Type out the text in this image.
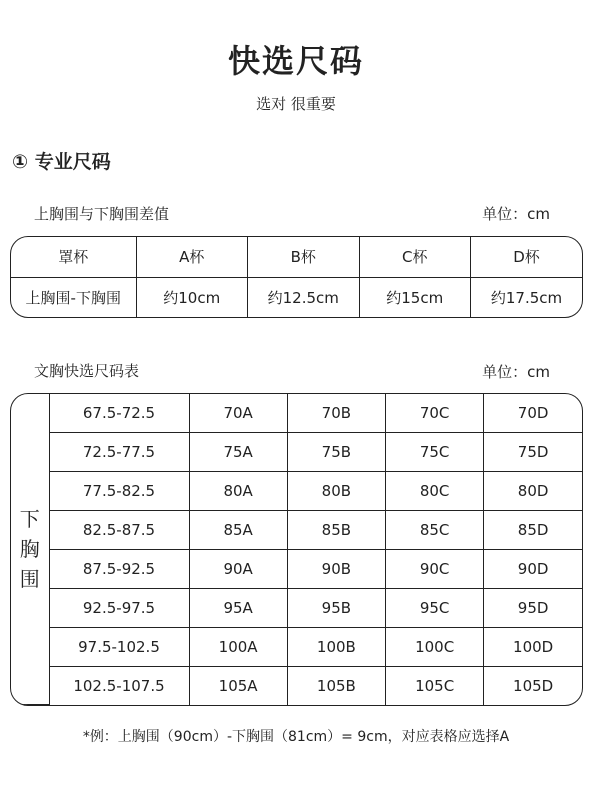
快选尺码
选对 很重要
① 专业尺码
上胸围与下胸围差值	单位：cm
罩杯	A杯	B杯	C杯	D杯
上胸围-下胸围	约10cm	约12.5cm	约15cm	约17.5cm
文胸快选尺码表	单位：cm
下胸围	67.5-72.5	70A	70B	70C	70D
	72.5-77.5	75A	75B	75C	75D
	77.5-82.5	80A	80B	80C	80D
	82.5-87.5	85A	85B	85C	85D
	87.5-92.5	90A	90B	90C	90D
	92.5-97.5	95A	95B	95C	95D
	97.5-102.5	100A	100B	100C	100D
	102.5-107.5	105A	105B	105C	105D
*例：上胸围（90cm）-下胸围（81cm）= 9cm，对应表格应选择A
